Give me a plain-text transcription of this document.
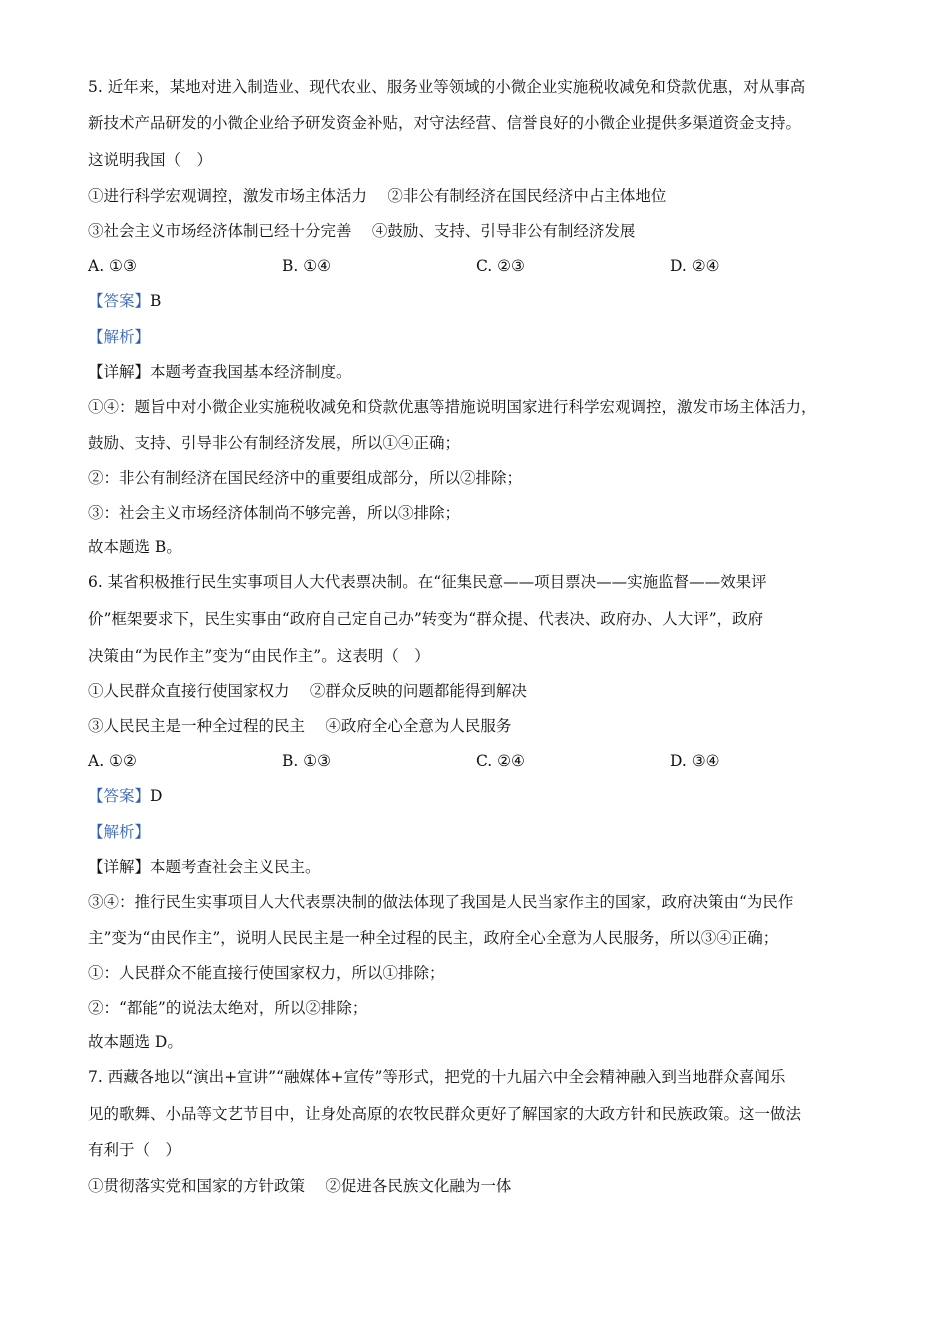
5. 近年来，某地对进入制造业、现代农业、服务业等领域的小微企业实施税收减免和贷款优惠，对从事高
新技术产品研发的小微企业给予研发资金补贴，对守法经营、信誉良好的小微企业提供多渠道资金支持。
这说明我国（　）
①进行科学宏观调控，激发市场主体活力　 ②非公有制经济在国民经济中占主体地位
③社会主义市场经济体制已经十分完善　 ④鼓励、支持、引导非公有制经济发展
A. ①③	B. ①④	C. ②③	D. ②④
【答案】B
【解析】
【详解】本题考查我国基本经济制度。
①④：题旨中对小微企业实施税收减免和贷款优惠等措施说明国家进行科学宏观调控，激发市场主体活力，
鼓励、支持、引导非公有制经济发展，所以①④正确；
②：非公有制经济在国民经济中的重要组成部分，所以②排除；
③：社会主义市场经济体制尚不够完善，所以③排除；
故本题选 B。
6. 某省积极推行民生实事项目人大代表票决制。在“征集民意——项目票决——实施监督——效果评
价”框架要求下，民生实事由“政府自己定自己办”转变为“群众提、代表决、政府办、人大评”，政府
决策由“为民作主”变为“由民作主”。这表明（　）
①人民群众直接行使国家权力　 ②群众反映的问题都能得到解决
③人民民主是一种全过程的民主　 ④政府全心全意为人民服务
A. ①②	B. ①③	C. ②④	D. ③④
【答案】D
【解析】
【详解】本题考查社会主义民主。
③④：推行民生实事项目人大代表票决制的做法体现了我国是人民当家作主的国家，政府决策由“为民作
主”变为“由民作主”，说明人民民主是一种全过程的民主，政府全心全意为人民服务，所以③④正确；
①：人民群众不能直接行使国家权力，所以①排除；
②：“都能”的说法太绝对，所以②排除；
故本题选 D。
7. 西藏各地以“演出+宣讲”“融媒体+宣传”等形式，把党的十九届六中全会精神融入到当地群众喜闻乐
见的歌舞、小品等文艺节目中，让身处高原的农牧民群众更好了解国家的大政方针和民族政策。这一做法
有利于（　）
①贯彻落实党和国家的方针政策　 ②促进各民族文化融为一体
